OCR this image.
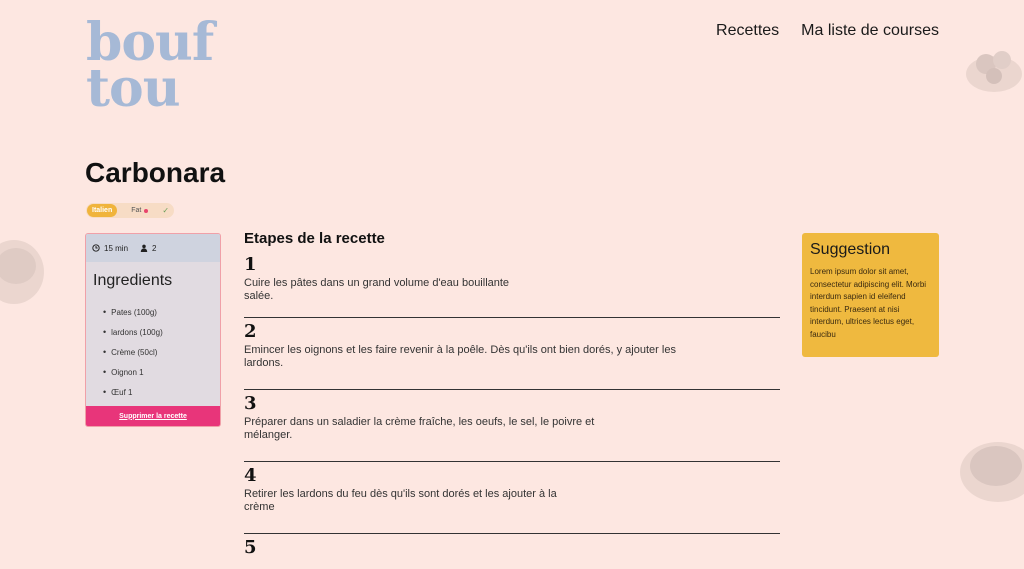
bouf
tou
Recettes Ma liste de courses
Carbonara
Italien	Fat	✓
15 min	2
Ingredients
• Pates (100g)
• lardons (100g)
• Crème (50cl)
• Oignon 1
• Œuf 1
Supprimer la recette
Etapes de la recette
1
Cuire les pâtes dans un grand volume d'eau bouillante salée.
2
Emincer les oignons et les faire revenir à la poêle. Dès qu'ils ont bien dorés, y ajouter les lardons.
3
Préparer dans un saladier la crème fraîche, les oeufs, le sel, le poivre et mélanger.
4
Retirer les lardons du feu dès qu'ils sont dorés et les ajouter à la crème
5
Suggestion

Lorem ipsum dolor sit amet, consectetur adipiscing elit. Morbi interdum sapien id eleifend tincidunt. Praesent at nisi interdum, ultrices lectus eget, faucibu
